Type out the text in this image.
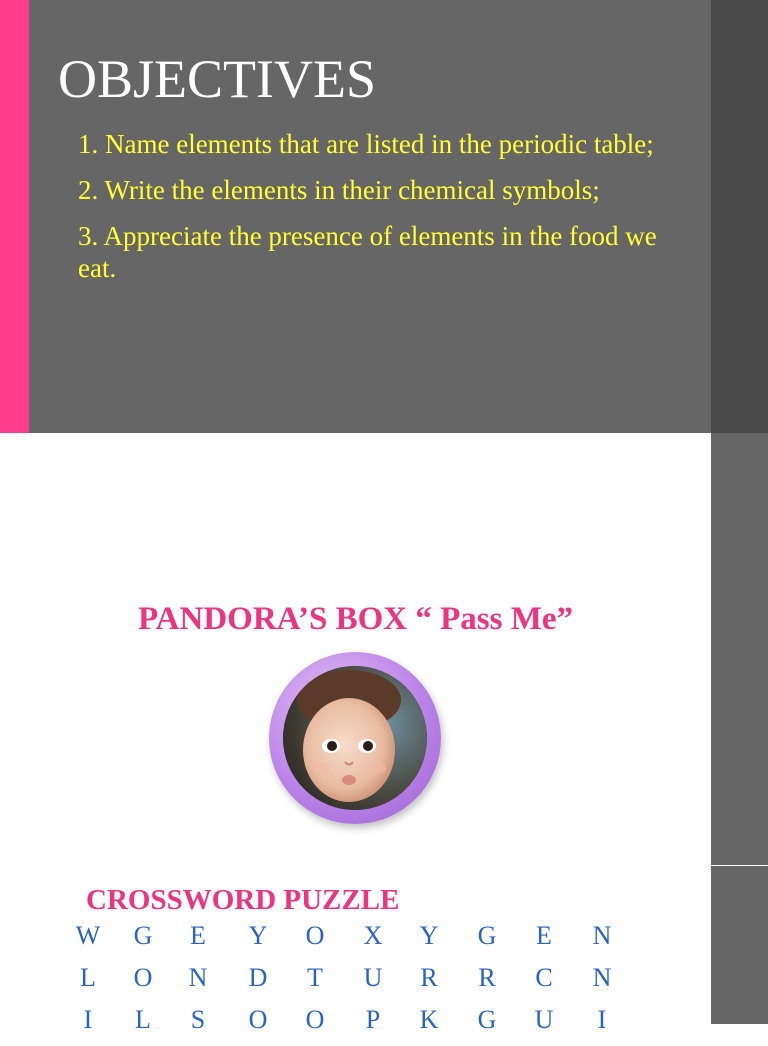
OBJECTIVES
1. Name elements that are listed in the periodic table;
2. Write the elements in their chemical symbols;
3. Appreciate the presence of elements in the food we eat.
PANDORA’S BOX “ Pass Me”
CROSSWORD PUZZLE
W	G	E	Y	O	X	Y	G	E	N
L	O	N	D	T	U	R	R	C	N
I	L	S	O	O	P	K	G	U	I
